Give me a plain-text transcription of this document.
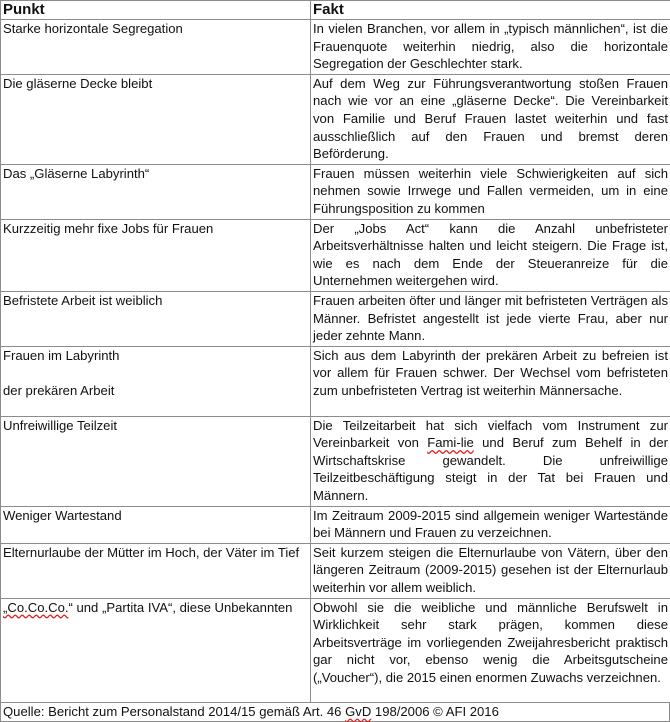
Punkt	Fakt
Starke horizontale Segregation	In vielen Branchen, vor allem in „typisch männlichen“, ist die Frauenquote weiterhin niedrig, also die horizontale Segregation der Geschlechter stark.
Die gläserne Decke bleibt	Auf dem Weg zur Führungsverantwortung stoßen Frauen nach wie vor an eine „gläserne Decke“. Die Vereinbarkeit von Familie und Beruf Frauen lastet weiterhin und fast ausschließlich auf den Frauen und bremst deren Beförderung.
Das „Gläserne Labyrinth“	Frauen müssen weiterhin viele Schwierigkeiten auf sich nehmen sowie Irrwege und Fallen vermeiden, um in eine Führungsposition zu kommen
Kurzzeitig mehr fixe Jobs für Frauen	Der „Jobs Act“ kann die Anzahl unbefristeter Arbeitsverhältnisse halten und leicht steigern. Die Frage ist, wie es nach dem Ende der Steueranreize für die Unternehmen weitergehen wird.
Befristete Arbeit ist weiblich	Frauen arbeiten öfter und länger mit befristeten Verträgen als Männer. Befristet angestellt ist jede vierte Frau, aber nur jeder zehnte Mann.

Frauen im Labyrinth
der prekären Arbeit	Sich aus dem Labyrinth der prekären Arbeit zu befreien ist vor allem für Frauen schwer. Der Wechsel vom befristeten zum unbefristeten Vertrag ist weiterhin Männersache.
Unfreiwillige Teilzeit	Die Teilzeitarbeit hat sich vielfach vom Instrument zur Vereinbarkeit von Fami-lie und Beruf zum Behelf in der Wirtschaftskrise gewandelt. Die unfreiwillige Teilzeitbeschäftigung steigt in der Tat bei Frauen und Männern.
Weniger Wartestand	Im Zeitraum 2009-2015 sind allgemein weniger Wartestände bei Männern und Frauen zu verzeichnen.
Elternurlaube der Mütter im Hoch, der Väter im Tief	Seit kurzem steigen die Elternurlaube von Vätern, über den längeren Zeitraum (2009-2015) gesehen ist der Elternurlaub weiterhin vor allem weiblich.
„Co.Co.Co.“ und „Partita IVA“, diese Unbekannten	Obwohl sie die weibliche und männliche Berufswelt in Wirklichkeit sehr stark prägen, kommen diese Arbeitsverträge im vorliegenden Zweijahresbericht praktisch gar nicht vor, ebenso wenig die Arbeitsgutscheine („Voucher“), die 2015 einen enormen Zuwachs verzeichnen.
Quelle: Bericht zum Personalstand 2014/15 gemäß Art. 46 GvD 198/2006 © AFI 2016
